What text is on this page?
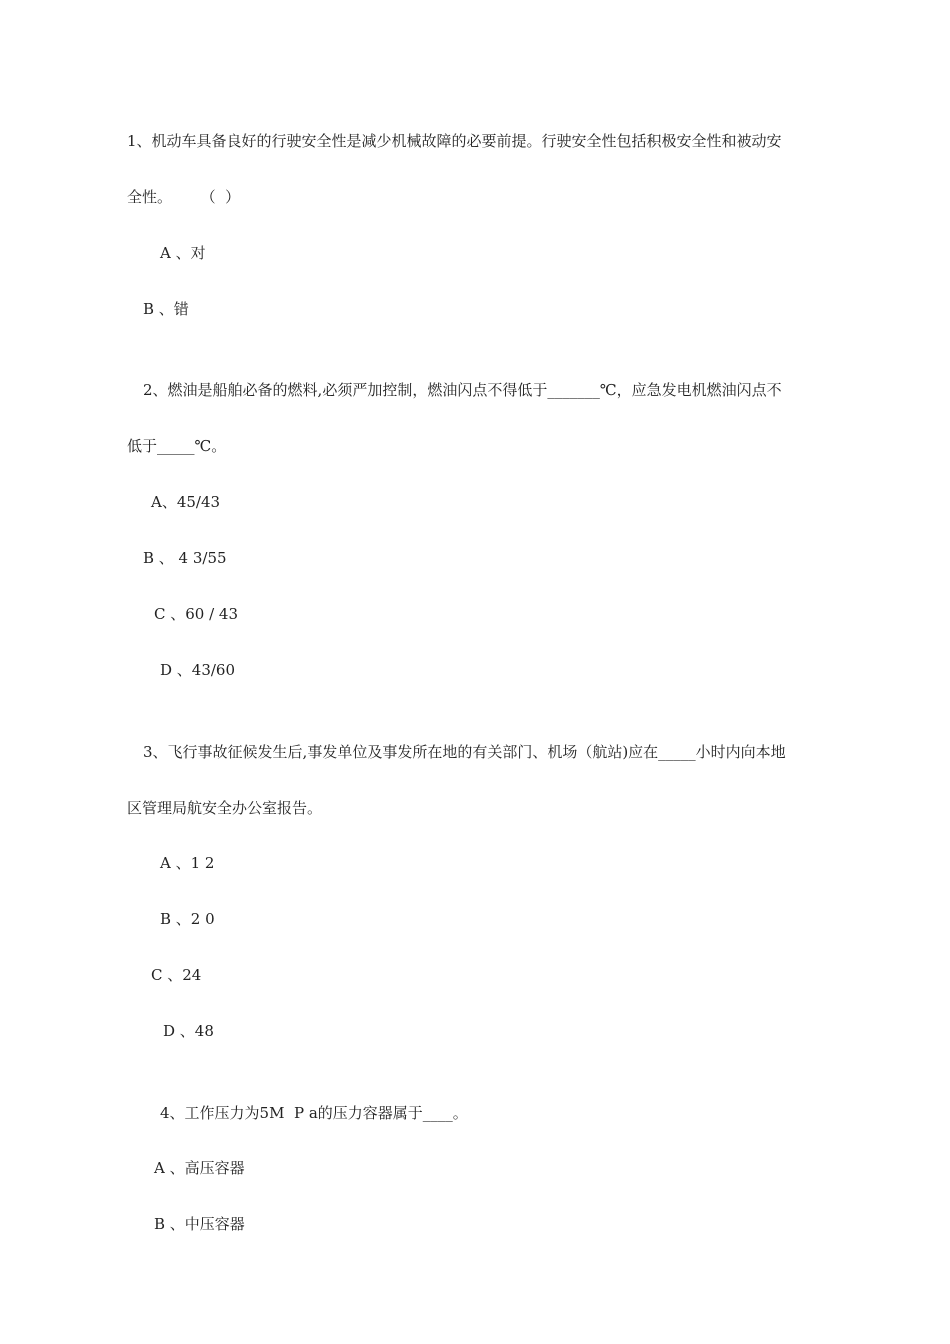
1、机动车具备良好的行驶安全性是减少机械故障的必要前提。行驶安全性包括积极安全性和被动安
全性。      （  ）
A 、对
B 、错
2、燃油是船舶必备的燃料,必须严加控制，燃油闪点不得低于_______℃，应急发电机燃油闪点不
低于_____℃。
A、45/43
B 、 4 3/55
C 、60 / 43
D 、43/60
3、飞行事故征候发生后,事发单位及事发所在地的有关部门、机场（航站)应在_____小时内向本地
区管理局航安全办公室报告。
A 、1 2
B 、2 0
C 、24
D 、48
4、工作压力为5M  P a的压力容器属于____。
A 、高压容器
B 、中压容器
